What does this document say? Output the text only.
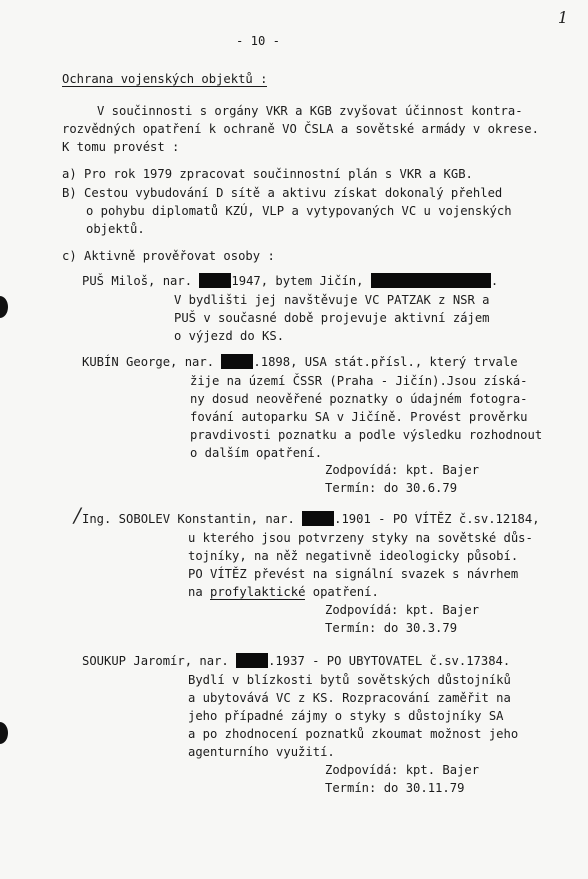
1
- 10 -
Ochrana vojenských objektů :
V součinnosti s orgány VKR a KGB zvyšovat účinnost kontra-
rozvědných opatření k ochraně VO ČSLA a sovětské armády v okrese.
K tomu provést :
a) Pro rok 1979 zpracovat součinnostní plán s VKR a KGB.
B) Cestou vybudování D sítě a aktivu získat dokonalý přehled
o pohybu diplomatů KZÚ, VLP a vytypovaných VC u vojenských
objektů.
c) Aktivně prověřovat osoby :
PUŠ Miloš, nar.	1947, bytem Jičín,	.
V bydlišti jej navštěvuje VC PATZAK z NSR a
PUŠ v současné době projevuje aktivní zájem
o výjezd do KS.
KUBÍN George, nar.	.1898, USA stát.přísl., který trvale
žije na území ČSSR (Praha - Jičín).Jsou získá-
ny dosud neověřené poznatky o údajném fotogra-
fování autoparku SA v Jičíně. Provést prověrku
pravdivosti poznatku a podle výsledku rozhodnout
o dalším opatření.
Zodpovídá: kpt. Bajer
Termín: do 30.6.79
/ Ing. SOBOLEV Konstantin, nar.	.1901 - PO VÍTĚZ č.sv.12184,
u kterého jsou potvrzeny styky na sovětské důs-
tojníky, na něž negativně ideologicky působí.
PO VÍTĚZ převést na signální svazek s návrhem
na profylaktické opatření.
Zodpovídá: kpt. Bajer
Termín: do 30.3.79
SOUKUP Jaromír, nar.	.1937 - PO UBYTOVATEL č.sv.17384.
Bydlí v blízkosti bytů sovětských důstojníků
a ubytovává VC z KS. Rozpracování zaměřit na
jeho případné zájmy o styky s důstojníky SA
a po zhodnocení poznatků zkoumat možnost jeho
agenturního využití.
Zodpovídá: kpt. Bajer
Termín: do 30.11.79
